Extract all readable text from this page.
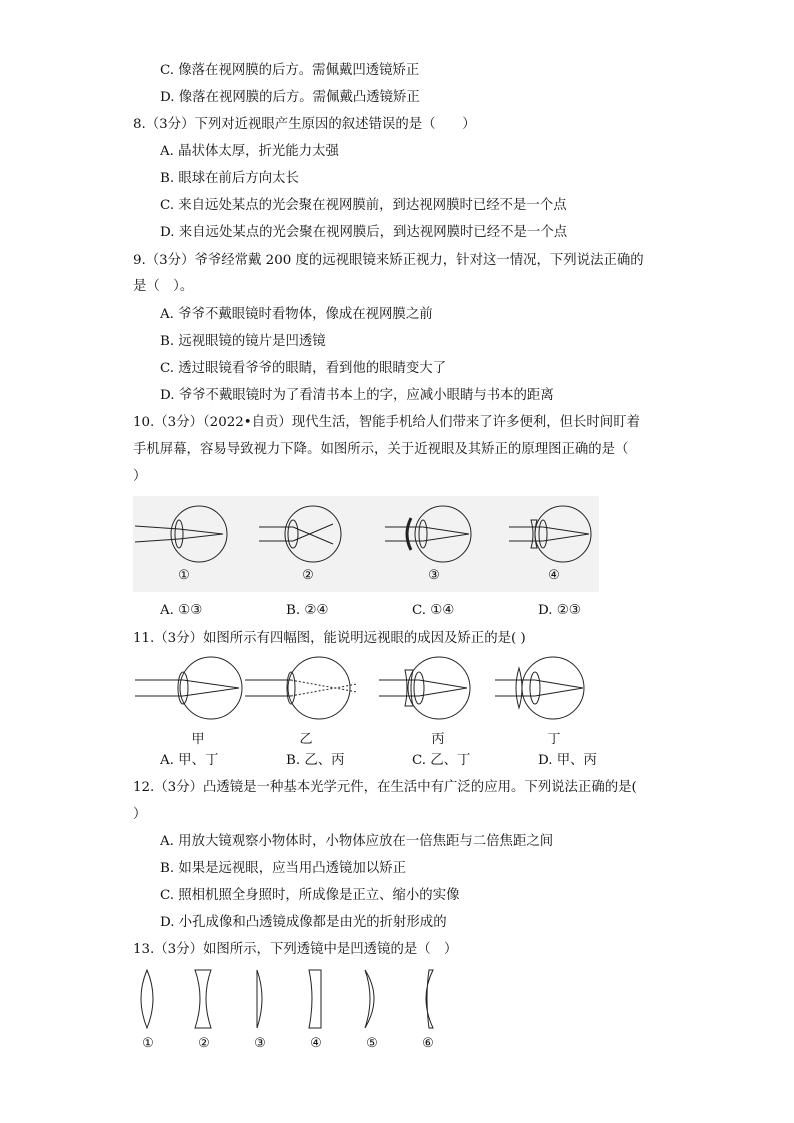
C. 像落在视网膜的后方。需佩戴凹透镜矫正
D. 像落在视网膜的后方。需佩戴凸透镜矫正
8.（3分）下列对近视眼产生原因的叙述错误的是（　　）
A. 晶状体太厚，折光能力太强
B. 眼球在前后方向太长
C. 来自远处某点的光会聚在视网膜前，到达视网膜时已经不是一个点
D. 来自远处某点的光会聚在视网膜后，到达视网膜时已经不是一个点
9.（3分）爷爷经常戴 200 度的远视眼镜来矫正视力，针对这一情况，下列说法正确的
是（　）。
A. 爷爷不戴眼镜时看物体，像成在视网膜之前
B. 远视眼镜的镜片是凹透镜
C. 透过眼镜看爷爷的眼睛，看到他的眼睛变大了
D. 爷爷不戴眼镜时为了看清书本上的字，应减小眼睛与书本的距离
10.（3分）（2022•自贡）现代生活，智能手机给人们带来了许多便利，但长时间盯着
手机屏幕，容易导致视力下降。如图所示，关于近视眼及其矫正的原理图正确的是（
）
①	②	③	④
A. ①③	B. ②④	C. ①④	D. ②③
11.（3分）如图所示有四幅图，能说明远视眼的成因及矫正的是( )
甲	乙	丙	丁
A. 甲、丁	B. 乙、丙	C. 乙、丁	D. 甲、丙
12.（3分）凸透镜是一种基本光学元件，在生活中有广泛的应用。下列说法正确的是(
）
A. 用放大镜观察小物体时，小物体应放在一倍焦距与二倍焦距之间
B. 如果是远视眼，应当用凸透镜加以矫正
C. 照相机照全身照时，所成像是正立、缩小的实像
D. 小孔成像和凸透镜成像都是由光的折射形成的
13.（3分）如图所示，下列透镜中是凹透镜的是（　）
①	②	③	④	⑤	⑥
